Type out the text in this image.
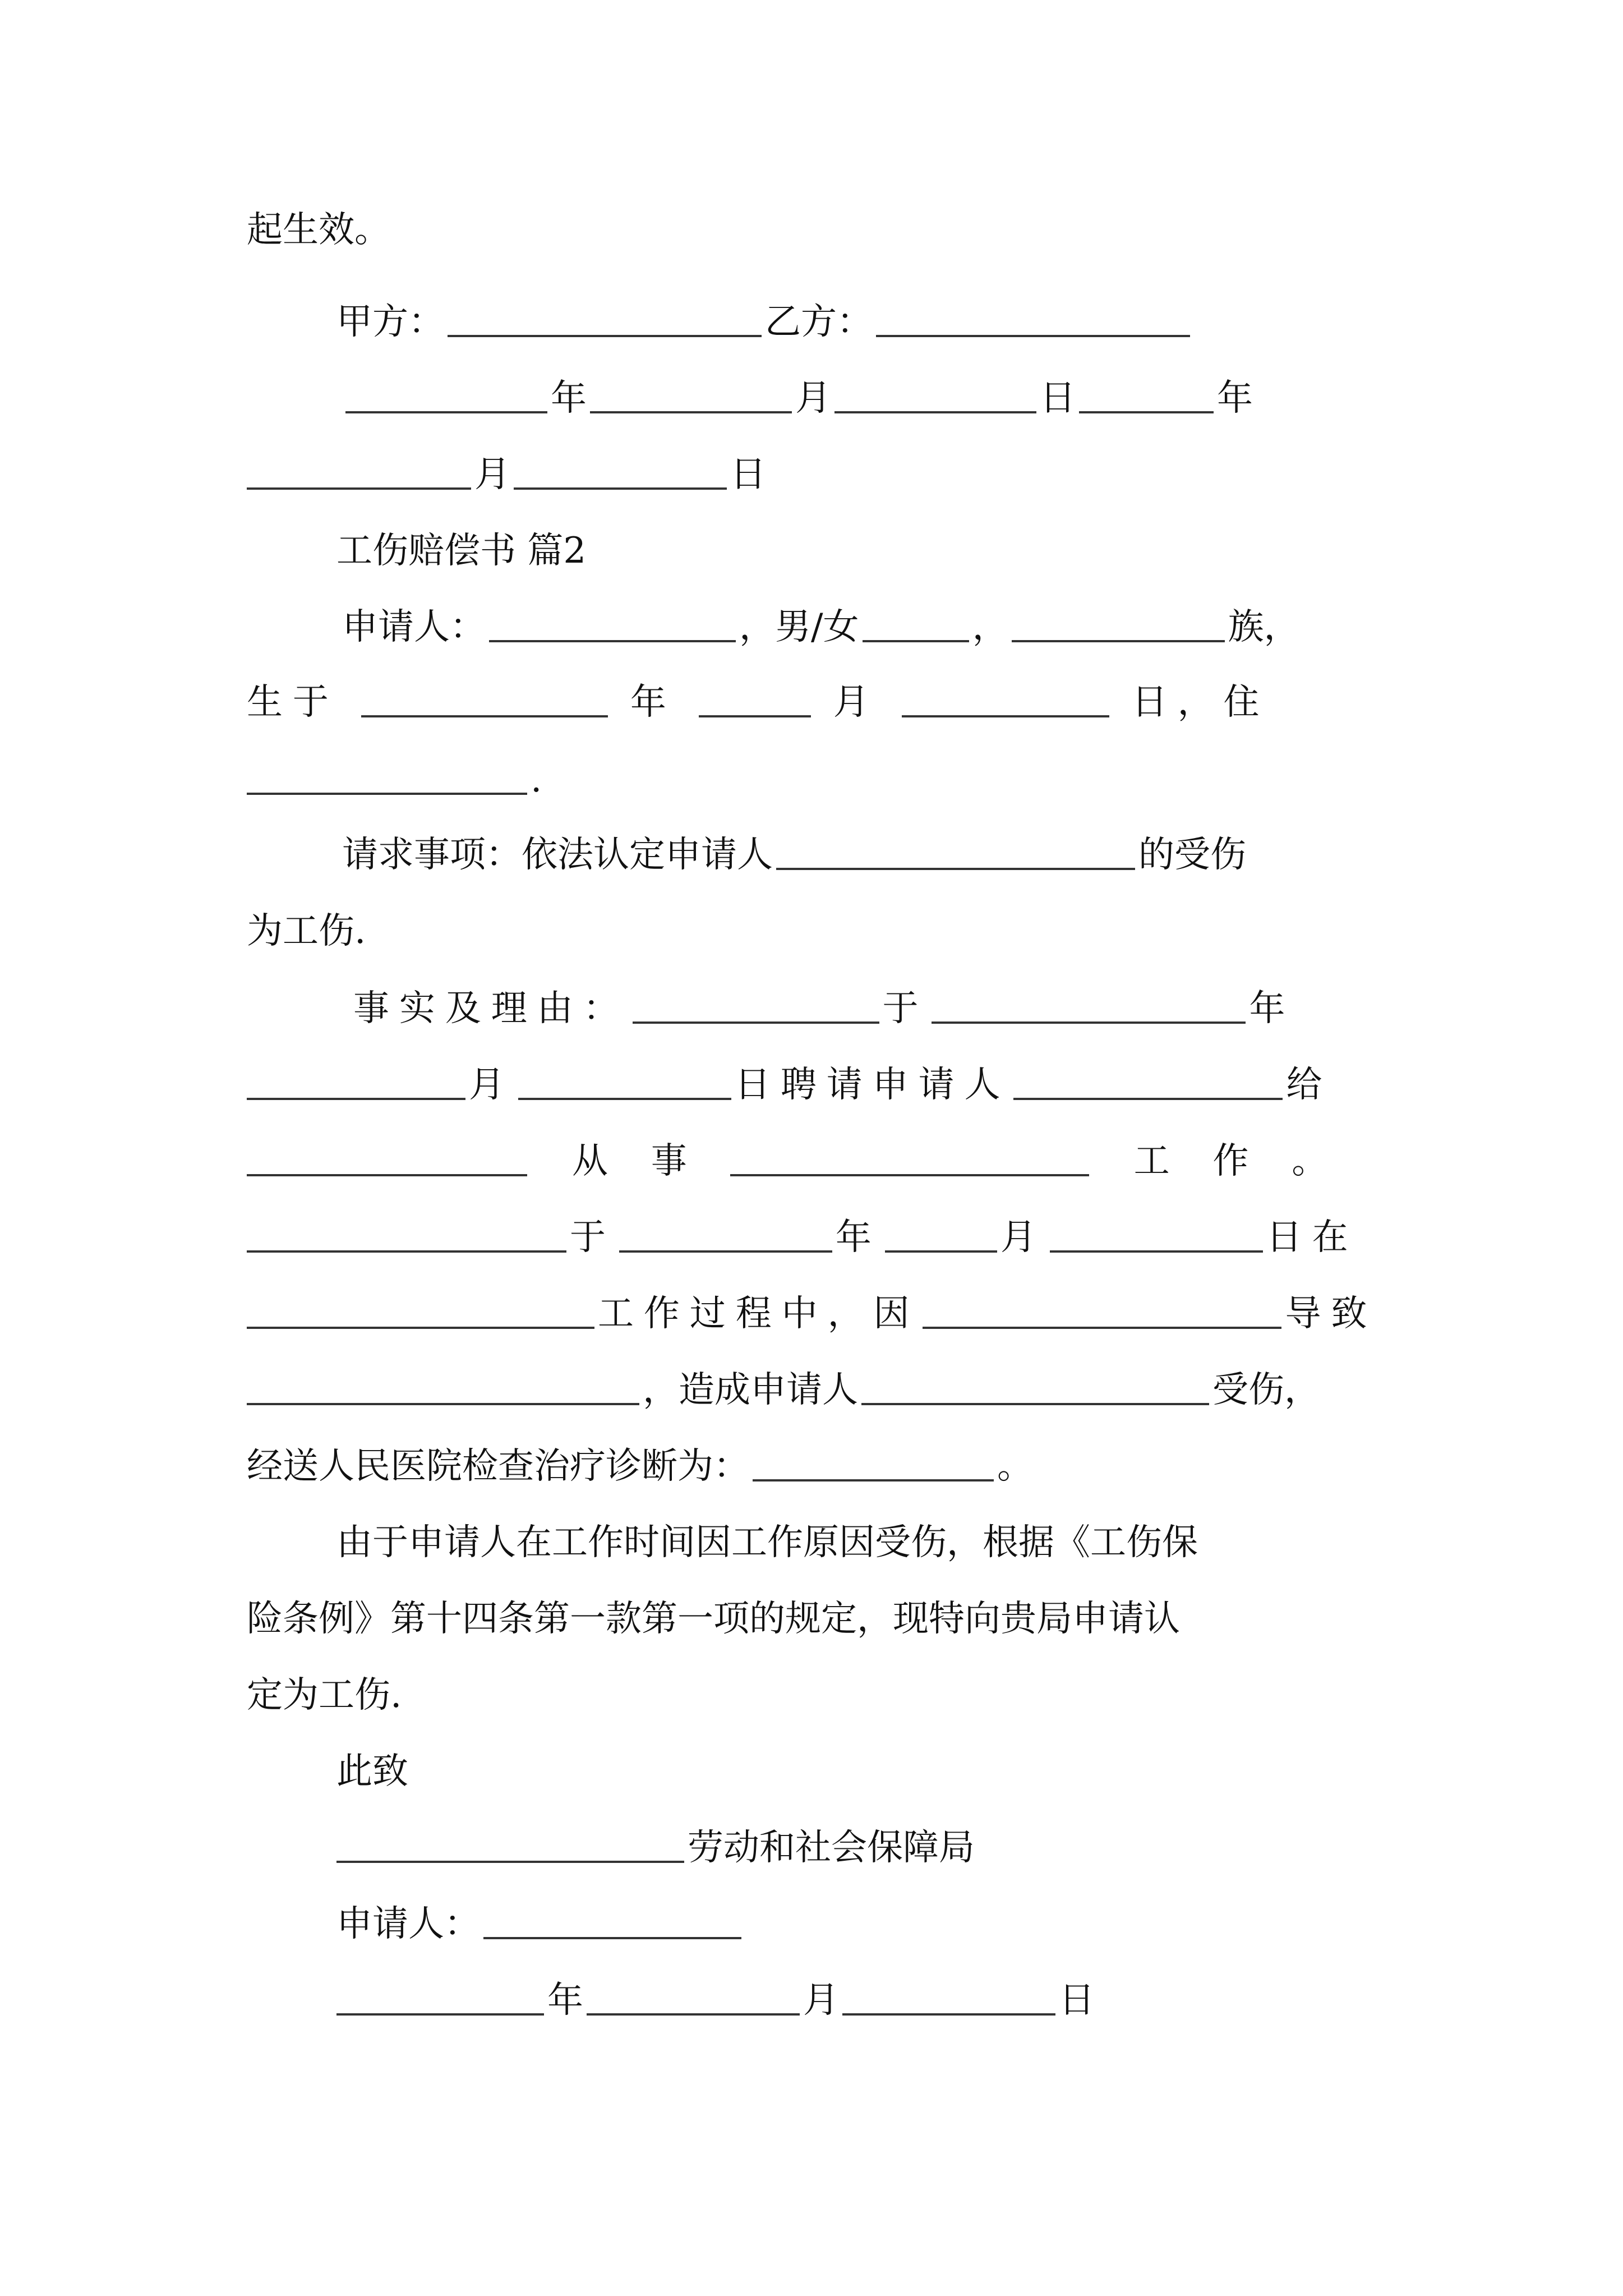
起生效。
甲方：	乙方：
年	月	日	年
月	日
工伤赔偿书 篇2
申请人：	，男/女	，	族，
生于	年	月	日，住
.
请求事项：依法认定申请人	的受伤
为工伤.
事实及理由：	于	年
月	日聘请申请人	给
从事	工作。
于	年	月	日在
工作过程中，因	导致
，造成申请人	受伤，
经送人民医院检查治疗诊断为：	。
由于申请人在工作时间因工作原因受伤，根据《工伤保
险条例》第十四条第一款第一项的规定，现特向贵局申请认
定为工伤.
此致
劳动和社会保障局
申请人：
年	月	日
